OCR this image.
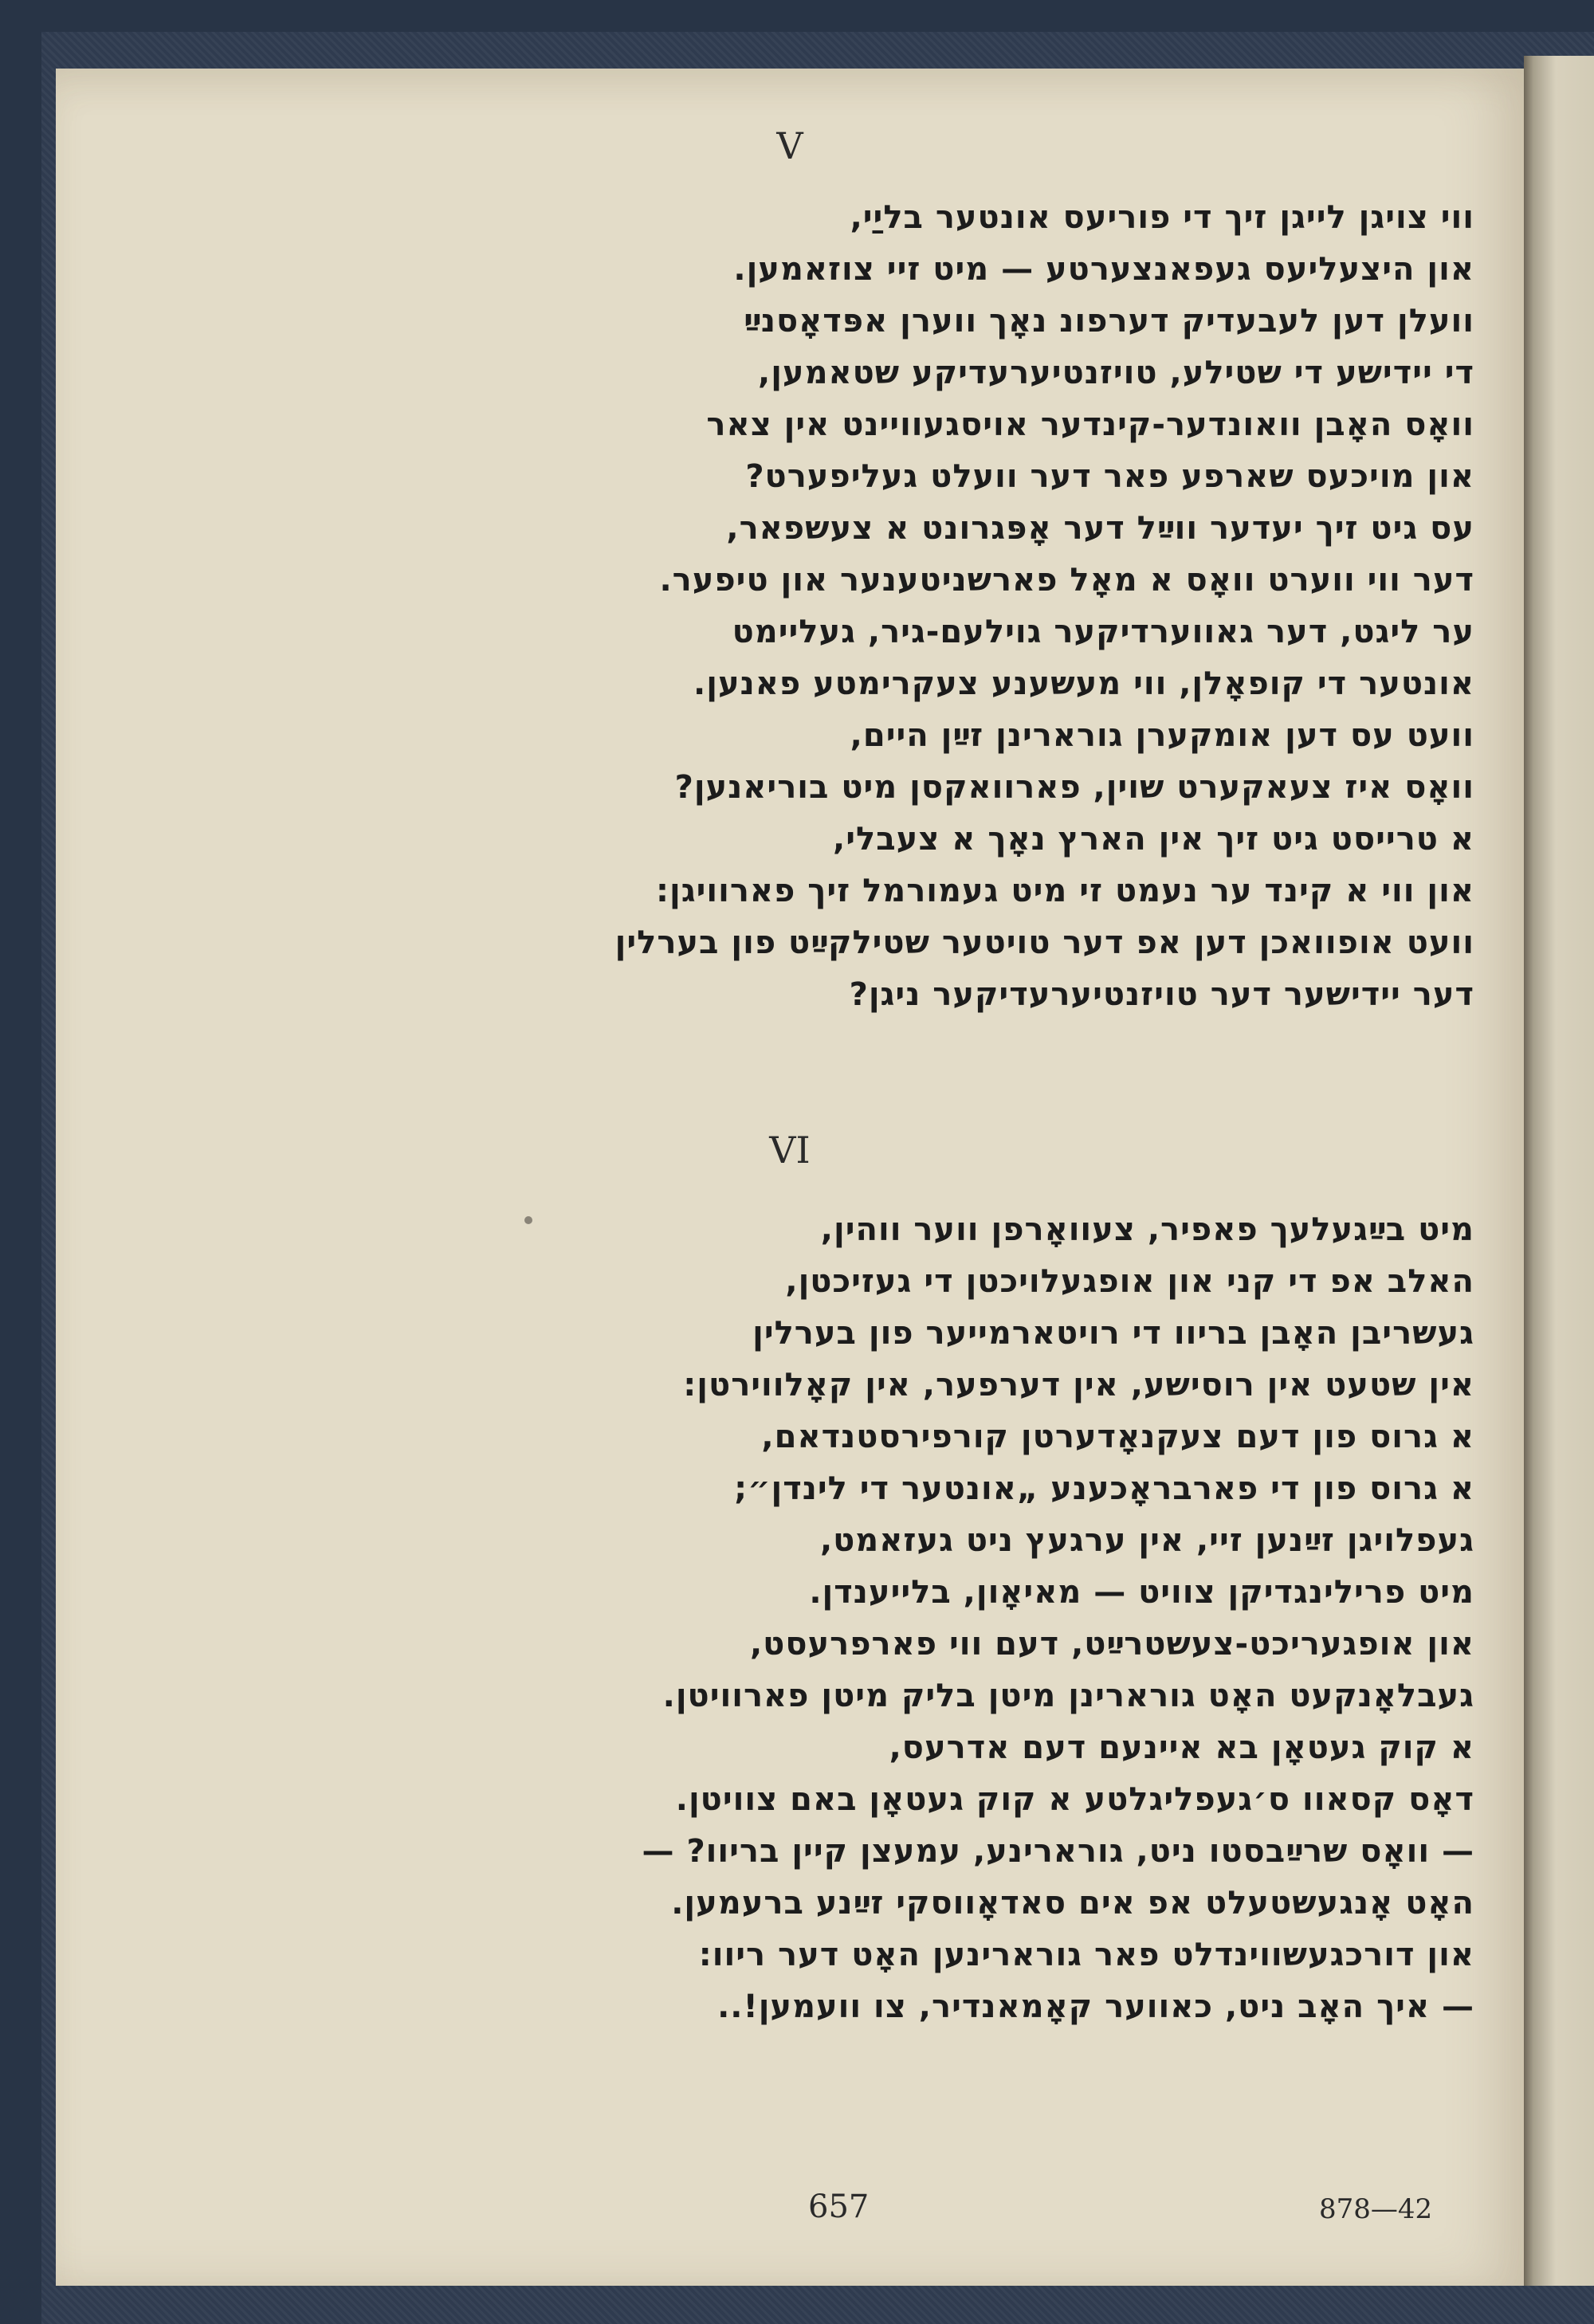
V
ווי צויגן לייגן זיך די פוריעס אונטער בליַי,
און היצעליעס געפאנצערטע — מיט זיי צוזאמען.
וועלן דען לעבעדיק דערפונ נאָך ווערן אפּדאָסנײַ
די יידישע די שטילע, טויזנטיערעדיקע שטאמען,
וואָס האָבן וואונדער-קינדער אויסגעוויינט אין צאר
און מויכעס שארפע פאר דער וועלט געליפערט?
עס גיט זיך יעדער ווײַל דער אָפּגרונט א צעשפאר,
דער ווי ווערט וואָס א מאָל פארשניטענער און טיפער.
ער ליגט, דער גאווערדיקער גוילעם-גיר, געליימט
אונטער די קופאָלן, ווי מעשענע צעקרימטע פאנען.
וועט עס דען אומקערן גורארינן זײַן היים,
וואָס איז צעאקערט שוין, פארוואקסן מיט בוריאנען?
א טרייסט גיט זיך אין הארץ נאָך א צעבלי,
און ווי א קינד ער נעמט זי מיט געמורמל זיך פארוויגן:
וועט אופוואכן דען אפ דער טויטער שטילקײַט פון בערלין
דער יידישער דער טויזנטיערעדיקער ניגן?
VI
מיט בײַגעלעך פאפיר, צעוואָרפן ווער ווהין,
האלב אפ די קני און אופגעלויכטן די געזיכטן,
געשריבן האָבן בריוו די רויטארמייער פון בערלין
אין שטעט אין רוסישע, אין דערפער, אין קאָלווירטן:
א גרוס פון דעם צעקנאָדערטן קורפירסטנדאם,
א גרוס פון די פארבראָכענע „אונטער די לינדן״;
געפלויגן זײַנען זיי, אין ערגעץ ניט געזאמט,
מיט פרילינגדיקן צוויט — מאיאָון, בלייענדן.
און אופגעריכט-צעשטרײַט, דעם ווי פארפרעסט,
געבלאָנקעט האָט גורארינן מיטן בליק מיטן פארוויטן.
א קוק געטאָן בא איינעם דעם אדרעס,
דאָס קסאוו ס׳געפליגלטע א קוק געטאָן באם צוויטן.
— וואָס שרײַבסטו ניט, גורארינע, עמעצן קיין בריוו? —
האָט אָנגעשטעלט אפ אים סאדאָווסקי זײַנע ברעמען.
און דורכגעשווינדלט פאר גורארינען האָט דער ריוו:
— איך האָב ניט, כאווער קאָמאנדיר, צו וועמען!..
657	878—42
